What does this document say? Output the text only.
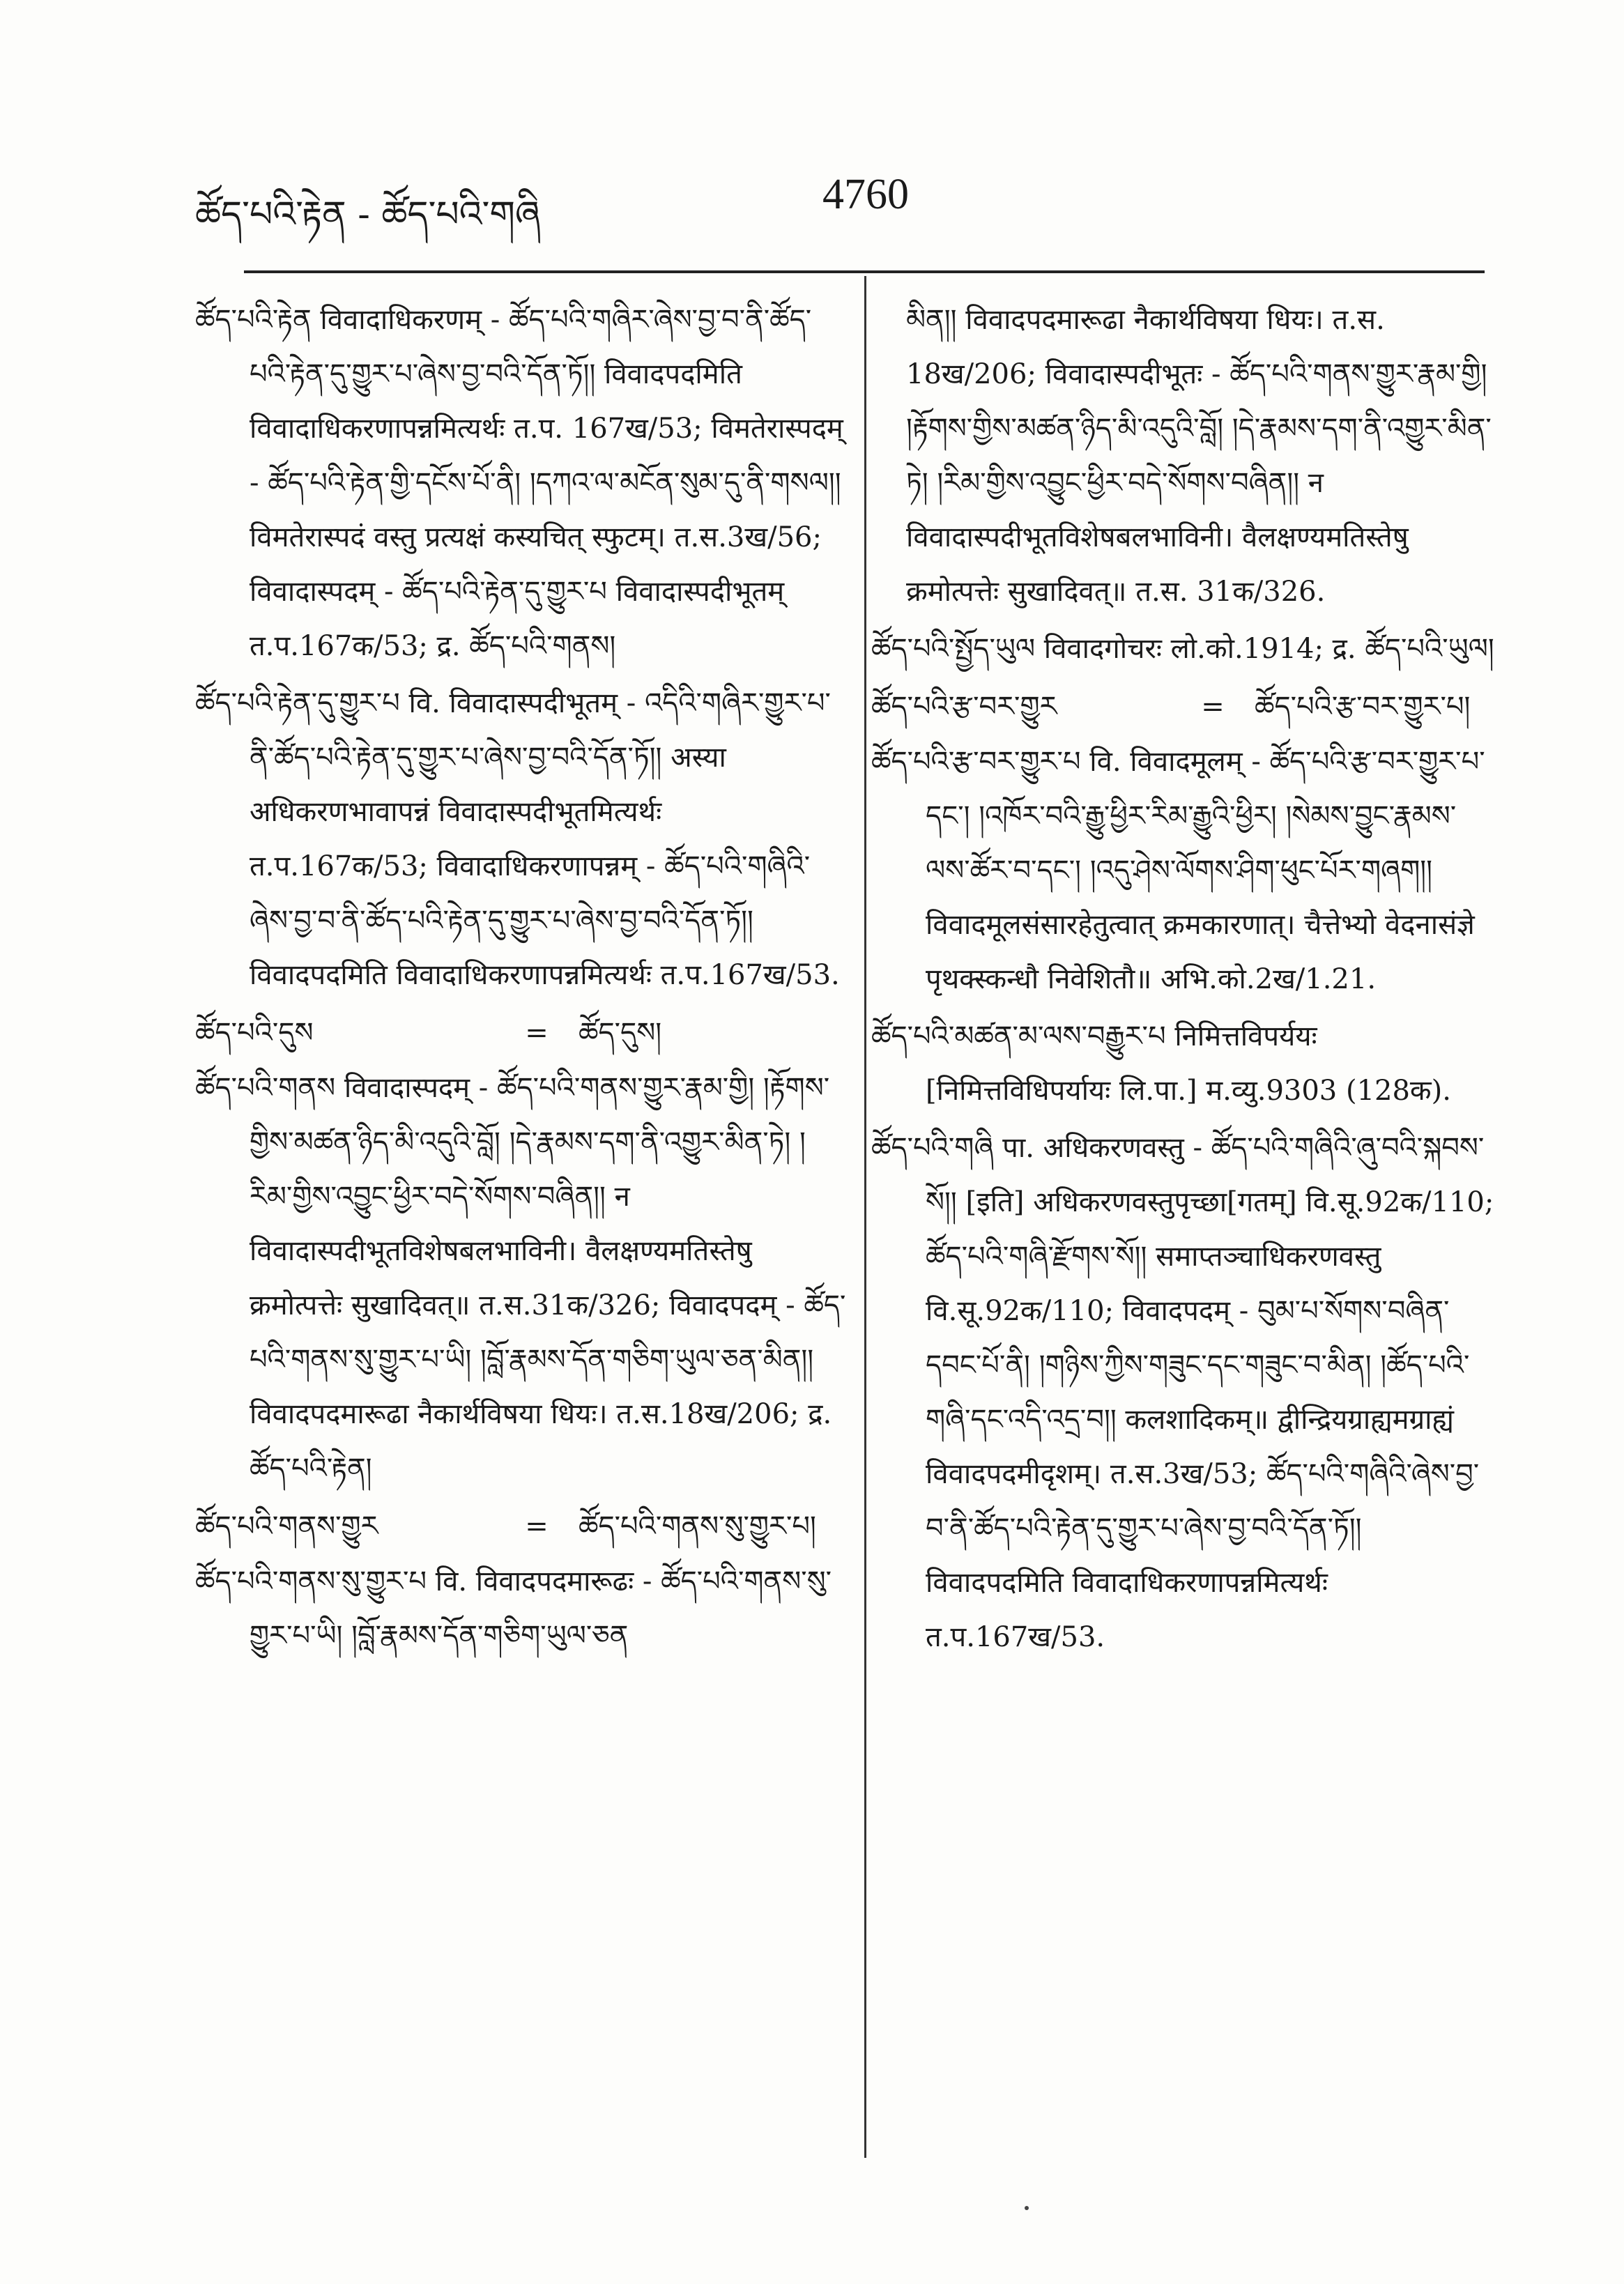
ཚོད་པའི་རྟེན - ཚོད་པའི་གཞི	4760
ཚོད་པའི་རྟེན विवादाधिकरणम् - ཚོད་པའི་གཞིར་ཞེས་བྱ་བ་ནི་ཚོད་པའི་རྟེན་དུ་གྱུར་པ་ཞེས་བྱ་བའི་དོན་ཏོ།། विवादपदमिति विवादाधिकरणापन्नमित्यर्थः त.प. 167ख/53; विमतेरास्पदम् - ཚོད་པའི་རྟེན་གྱི་དངོས་པོ་ནི། །དཀའ་ལ་མངོན་སུམ་དུ་ནི་གསལ།། विमतेरास्पदं वस्तु प्रत्यक्षं कस्यचित् स्फुटम्। त.स.3ख/56; विवादास्पदम् - ཚོད་པའི་རྟེན་དུ་གྱུར་པ विवादास्पदीभूतम् त.प.167क/53; द्र. ཚོད་པའི་གནས།
ཚོད་པའི་རྟེན་དུ་གྱུར་པ वि. विवादास्पदीभूतम् - འདིའི་གཞིར་གྱུར་པ་ནི་ཚོད་པའི་རྟེན་དུ་གྱུར་པ་ཞེས་བྱ་བའི་དོན་ཏོ།། अस्या अधिकरणभावापन्नं विवादास्पदीभूतमित्यर्थः त.प.167क/53; विवादाधिकरणापन्नम् - ཚོད་པའི་གཞིའི་ཞེས་བྱ་བ་ནི་ཚོད་པའི་རྟེན་དུ་གྱུར་པ་ཞེས་བྱ་བའི་དོན་ཏོ།། विवादपदमिति विवादाधिकरणापन्नमित्यर्थः त.प.167ख/53.
ཚོད་པའི་དུས	=	ཚོད་དུས།
ཚོད་པའི་གནས विवादास्पदम् - ཚོད་པའི་གནས་གྱུར་རྣམ་གྱི། །རྟོགས་གྱིས་མཚན་ཉིད་མི་འདུའི་བློ། །དེ་རྣམས་དག་ནི་འགྱུར་མིན་ཏེ། །རིམ་གྱིས་འབྱུང་ཕྱིར་བདེ་སོགས་བཞིན།། न विवादास्पदीभूतविशेषबलभाविनी। वैलक्षण्यमतिस्तेषु क्रमोत्पत्तेः सुखादिवत्॥ त.स.31क/326; विवादपदम् - ཚོད་པའི་གནས་སུ་གྱུར་པ་ཡི། །བློ་རྣམས་དོན་གཅིག་ཡུལ་ཅན་མིན།། विवादपदमारूढा नैकार्थविषया धियः। त.स.18ख/206; द्र. ཚོད་པའི་རྟེན།
ཚོད་པའི་གནས་གྱུར	=	ཚོད་པའི་གནས་སུ་གྱུར་པ།
ཚོད་པའི་གནས་སུ་གྱུར་པ वि. विवादपदमारूढः - ཚོད་པའི་གནས་སུ་གྱུར་པ་ཡི། །བློ་རྣམས་དོན་གཅིག་ཡུལ་ཅན
མིན།། विवादपदमारूढा नैकार्थविषया धियः। त.स. 18ख/206; विवादास्पदीभूतः - ཚོད་པའི་གནས་གྱུར་རྣམ་གྱི། །རྟོགས་གྱིས་མཚན་ཉིད་མི་འདུའི་བློ། །དེ་རྣམས་དག་ནི་འགྱུར་མིན་ཏེ། །རིམ་གྱིས་འབྱུང་ཕྱིར་བདེ་སོགས་བཞིན།། न विवादास्पदीभूतविशेषबलभाविनी। वैलक्षण्यमतिस्तेषु क्रमोत्पत्तेः सुखादिवत्॥ त.स. 31क/326.
ཚོད་པའི་སྤྱོད་ཡུལ विवादगोचरः लो.को.1914; द्र. ཚོད་པའི་ཡུལ།
ཚོད་པའི་རྩ་བར་གྱུར	=	ཚོད་པའི་རྩ་བར་གྱུར་པ།
ཚོད་པའི་རྩ་བར་གྱུར་པ वि. विवादमूलम् - ཚོད་པའི་རྩ་བར་གྱུར་པ་དང་། །འཁོར་བའི་རྒྱུ་ཕྱིར་རིམ་རྒྱུའི་ཕྱིར། །སེམས་བྱུང་རྣམས་ལས་ཚོར་བ་དང་། །འདུ་ཤེས་ལོགས་ཤིག་ཕུང་པོར་གཞག།། विवादमूलसंसारहेतुत्वात् क्रमकारणात्। चैत्तेभ्यो वेदनासंज्ञे पृथक्स्कन्धौ निवेशितौ॥ अभि.को.2ख/1.21.
ཚོད་པའི་མཚན་མ་ལས་བརྒྱུར་པ निमित्तविपर्ययः [निमित्तविधिपर्यायः लि.पा.] म.व्यु.9303 (128क).
ཚོད་པའི་གཞི पा. अधिकरणवस्तु - ཚོད་པའི་གཞིའི་ཞུ་བའི་སྐབས་སོ།། [इति] अधिकरणवस्तुपृच्छा[गतम्] वि.सू.92क/110; ཚོད་པའི་གཞི་རྫོགས་སོ།། समाप्तञ्चाधिकरणवस्तु वि.सू.92क/110; विवादपदम् - བུམ་པ་སོགས་བཞིན་དབང་པོ་ནི། །གཉིས་ཀྱིས་གཟུང་དང་གཟུང་བ་མིན། །ཚོད་པའི་གཞི་དང་འདི་འདྲ་བ།། कलशादिकम्॥ द्वीन्द्रियग्राह्यमग्राह्यं विवादपदमीदृशम्। त.स.3ख/53; ཚོད་པའི་གཞིའི་ཞེས་བྱ་བ་ནི་ཚོད་པའི་རྟེན་དུ་གྱུར་པ་ཞེས་བྱ་བའི་དོན་ཏོ།། विवादपदमिति विवादाधिकरणापन्नमित्यर्थः त.प.167ख/53.
